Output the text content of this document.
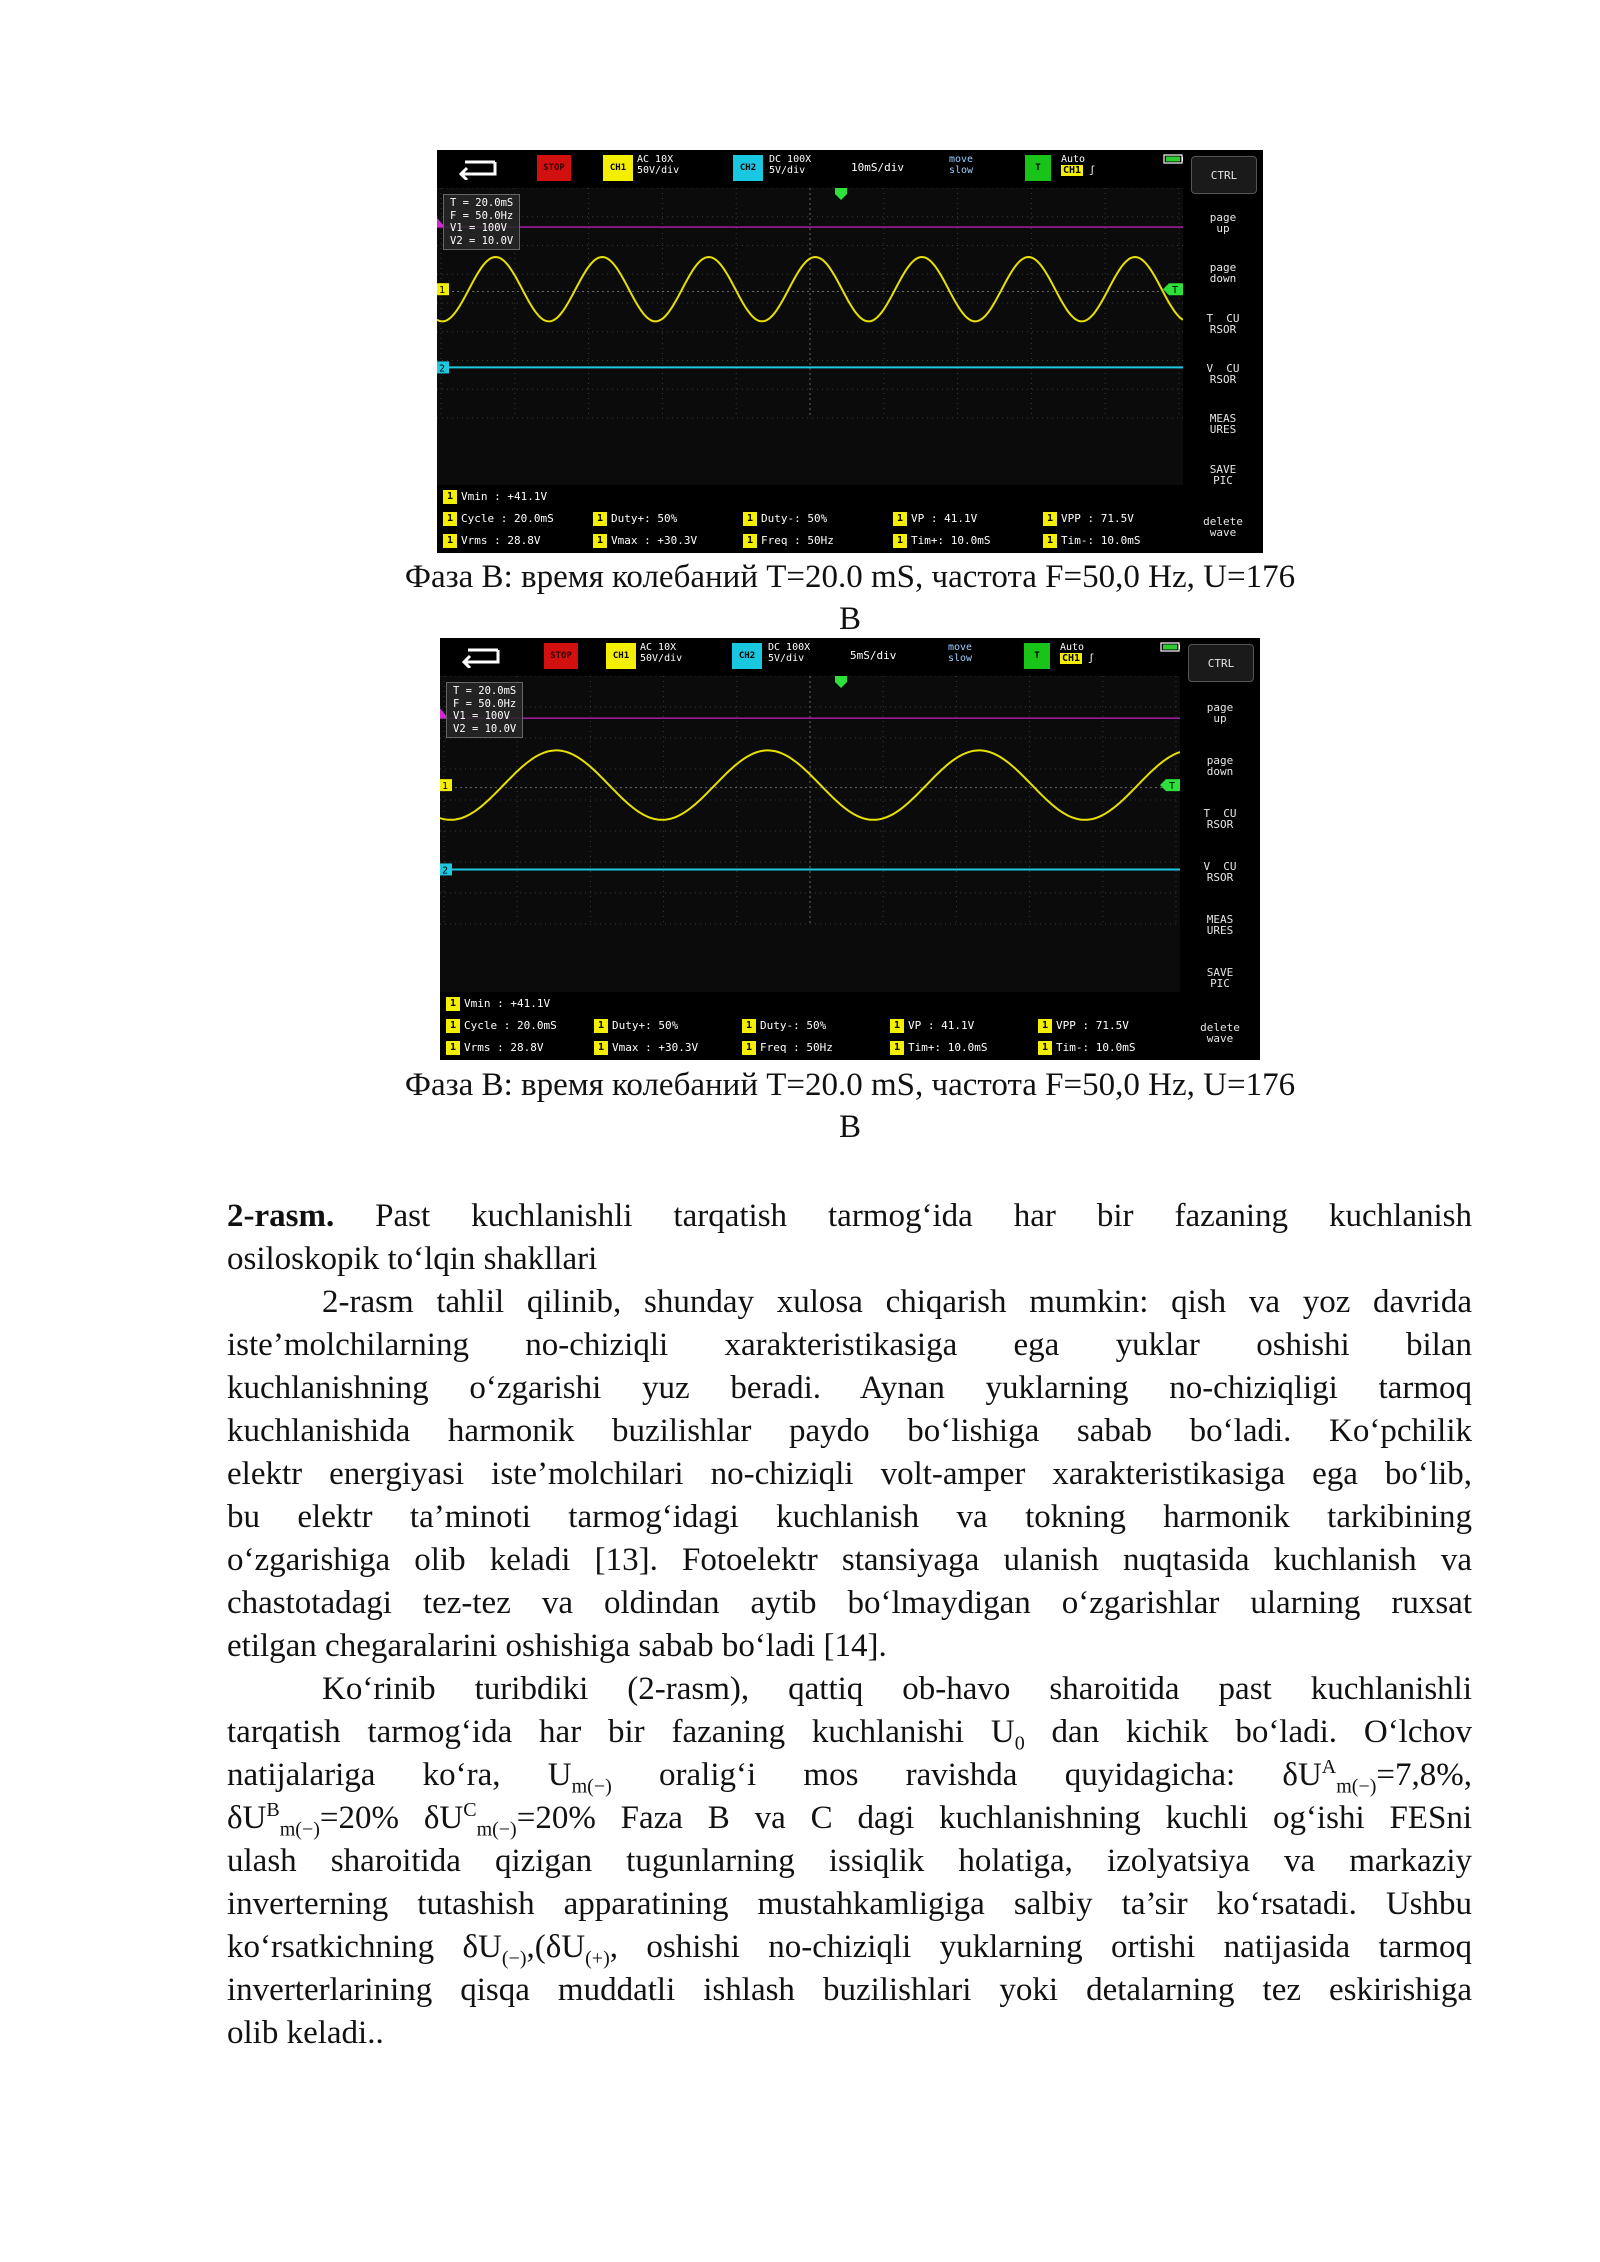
STOP	CH1
AC 10X
50V/div	CH2
DC 100X
5V/div	10mS/div
move
slow	T
Auto
CH1 ʃ
2
1	T
T = 20.0mS
F = 50.0Hz
V1 = 100V
V2 = 10.0V
CTRL
page
up
page
down
T  CU
RSOR
V  CU
RSOR
MEAS
URES
SAVE
PIC
delete
wave
1 Vmin : +41.1V
1 Cycle : 20.0mS	1 Duty+: 50%	1 Duty-: 50%	1 VP : 41.1V	1 VPP : 71.5V
1 Vrms : 28.8V	1 Vmax : +30.3V	1 Freq : 50Hz	1 Tim+: 10.0mS	1 Tim-: 10.0mS
Фаза B: время колебаний T=20.0 mS, частота F=50,0 Hz, U=176
B
STOP	CH1
AC 10X
50V/div	CH2
DC 100X
5V/div	5mS/div
move
slow	T
Auto
CH1 ʃ
2
1	T
T = 20.0mS
F = 50.0Hz
V1 = 100V
V2 = 10.0V
CTRL
page
up
page
down
T  CU
RSOR
V  CU
RSOR
MEAS
URES
SAVE
PIC
delete
wave
1 Vmin : +41.1V
1 Cycle : 20.0mS	1 Duty+: 50%	1 Duty-: 50%	1 VP : 41.1V	1 VPP : 71.5V
1 Vrms : 28.8V	1 Vmax : +30.3V	1 Freq : 50Hz	1 Tim+: 10.0mS	1 Tim-: 10.0mS
Фаза B: время колебаний T=20.0 mS, частота F=50,0 Hz, U=176
B
2-rasm. Past kuchlanishli tarqatish tarmog‘ida har bir fazaning kuchlanish
osiloskopik to‘lqin shakllari
2-rasm tahlil qilinib, shunday xulosa chiqarish mumkin: qish va yoz davrida
iste’molchilarning no-chiziqli xarakteristikasiga ega yuklar oshishi bilan
kuchlanishning o‘zgarishi yuz beradi. Aynan yuklarning no-chiziqligi tarmoq
kuchlanishida harmonik buzilishlar paydo bo‘lishiga sabab bo‘ladi. Ko‘pchilik
elektr energiyasi iste’molchilari no-chiziqli volt-amper xarakteristikasiga ega bo‘lib,
bu elektr ta’minoti tarmog‘idagi kuchlanish va tokning harmonik tarkibining
o‘zgarishiga olib keladi [13]. Fotoelektr stansiyaga ulanish nuqtasida kuchlanish va
chastotadagi tez-tez va oldindan aytib bo‘lmaydigan o‘zgarishlar ularning ruxsat
etilgan chegaralarini oshishiga sabab bo‘ladi [14].
Ko‘rinib turibdiki (2-rasm), qattiq ob-havo sharoitida past kuchlanishli
tarqatish tarmog‘ida har bir fazaning kuchlanishi $U_0$ dan kichik bo‘ladi. O‘lchov
natijalariga ko‘ra, $U_{m(-)}$ oralig‘i mos ravishda quyidagicha: $\delta U^A_{m(-)}=7,8\%$,
$\delta U^B_{m(-)}=20\%$ $\delta U^C_{m(-)}=20\%$ Faza B va C dagi kuchlanishning kuchli og‘ishi FESni
ulash sharoitida qizigan tugunlarning issiqlik holatiga, izolyatsiya va markaziy
inverterning tutashish apparatining mustahkamligiga salbiy ta’sir ko‘rsatadi. Ushbu
ko‘rsatkichning $\delta U_{(-)},(\delta U_{(+)}$, oshishi no-chiziqli yuklarning ortishi natijasida tarmoq
inverterlarining qisqa muddatli ishlash buzilishlari yoki detalarning tez eskirishiga
olib keladi..
